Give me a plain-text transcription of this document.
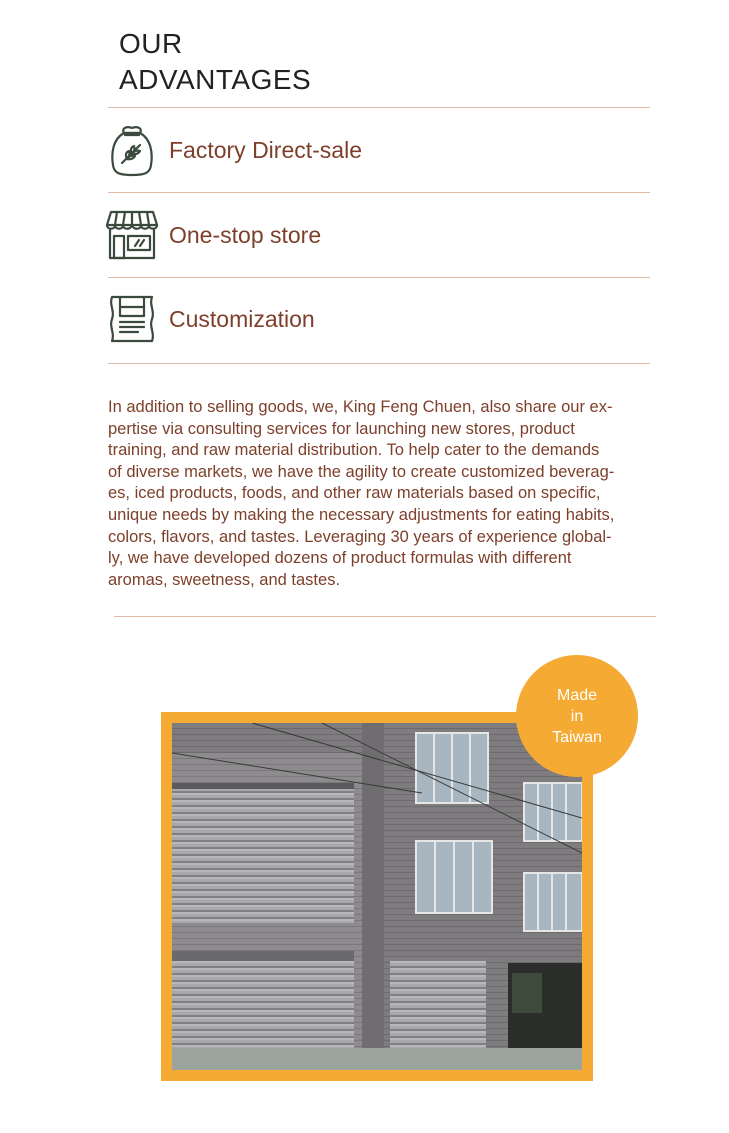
OUR
ADVANTAGES
Factory Direct-sale
One-stop store
Customization

In addition to selling goods, we, King Feng Chuen, also share our ex-
pertise via consulting services for launching new stores, product
training, and raw material distribution. To help cater to the demands
of diverse markets, we have the agility to create customized beverag-
es, iced products, foods, and other raw materials based on specific,
unique needs by making the necessary adjustments for eating habits,
colors, flavors, and tastes. Leveraging 30 years of experience global-
ly, we have developed dozens of product formulas with different
aromas, sweetness, and tastes.

Made
in
Taiwan
